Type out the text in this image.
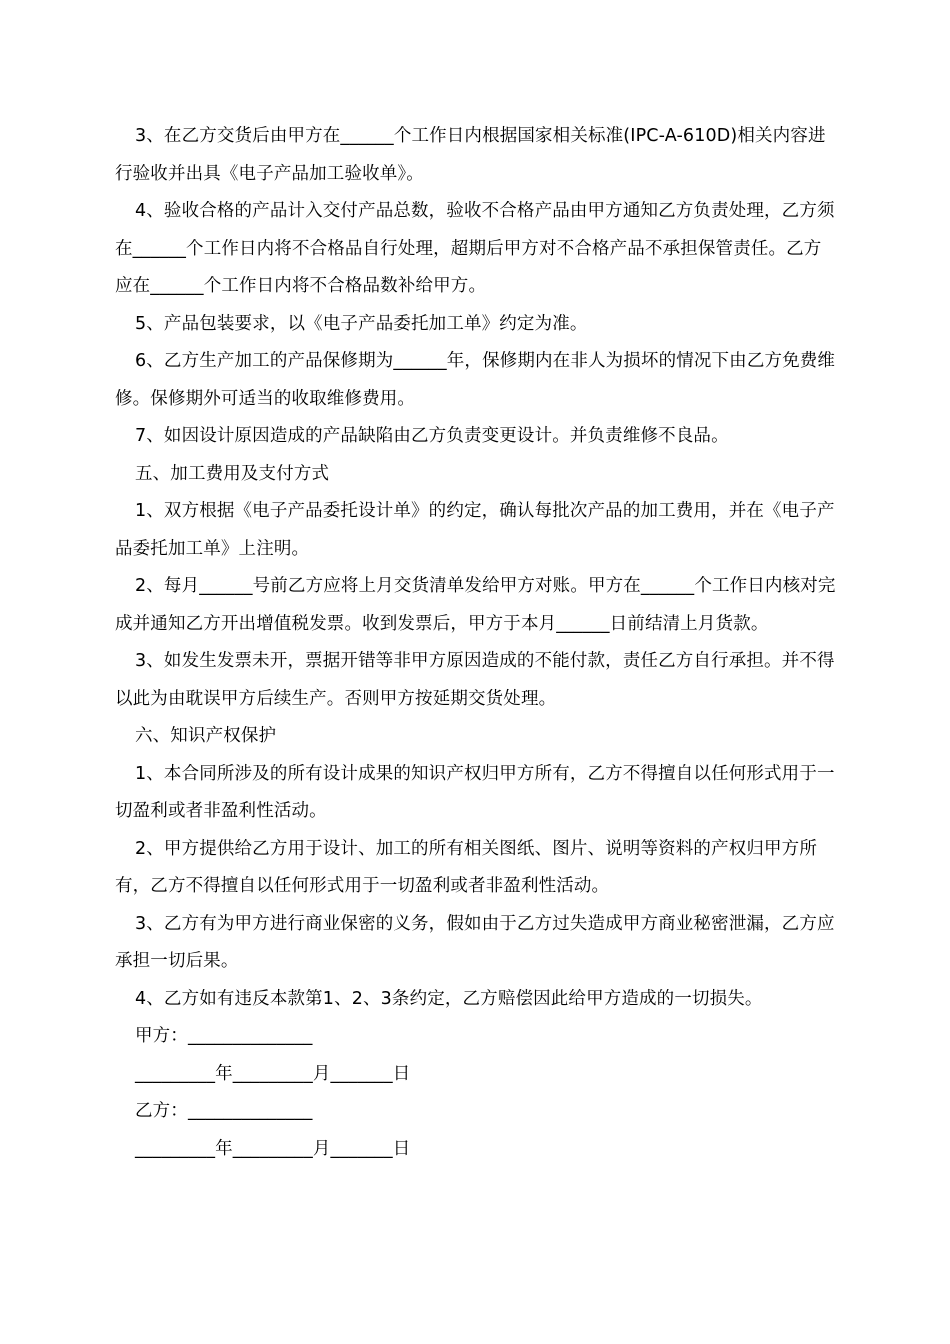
3、在乙方交货后由甲方在______个工作日内根据国家相关标准(IPC-A-610D)相关内容进行验收并出具《电子产品加工验收单》。

4、验收合格的产品计入交付产品总数，验收不合格产品由甲方通知乙方负责处理，乙方须在______个工作日内将不合格品自行处理，超期后甲方对不合格产品不承担保管责任。乙方应在______个工作日内将不合格品数补给甲方。

5、产品包装要求，以《电子产品委托加工单》约定为准。

6、乙方生产加工的产品保修期为______年，保修期内在非人为损坏的情况下由乙方免费维修。保修期外可适当的收取维修费用。

7、如因设计原因造成的产品缺陷由乙方负责变更设计。并负责维修不良品。

五、加工费用及支付方式

1、双方根据《电子产品委托设计单》的约定，确认每批次产品的加工费用，并在《电子产品委托加工单》上注明。

2、每月______号前乙方应将上月交货清单发给甲方对账。甲方在______个工作日内核对完成并通知乙方开出增值税发票。收到发票后，甲方于本月______日前结清上月货款。

3、如发生发票未开，票据开错等非甲方原因造成的不能付款，责任乙方自行承担。并不得以此为由耽误甲方后续生产。否则甲方按延期交货处理。

六、知识产权保护

1、本合同所涉及的所有设计成果的知识产权归甲方所有，乙方不得擅自以任何形式用于一切盈利或者非盈利性活动。

2、甲方提供给乙方用于设计、加工的所有相关图纸、图片、说明等资料的产权归甲方所有，乙方不得擅自以任何形式用于一切盈利或者非盈利性活动。

3、乙方有为甲方进行商业保密的义务，假如由于乙方过失造成甲方商业秘密泄漏，乙方应承担一切后果。

4、乙方如有违反本款第1、2、3条约定，乙方赔偿因此给甲方造成的一切损失。

甲方：______________

_________年_________月_______日

乙方：______________

_________年_________月_______日
